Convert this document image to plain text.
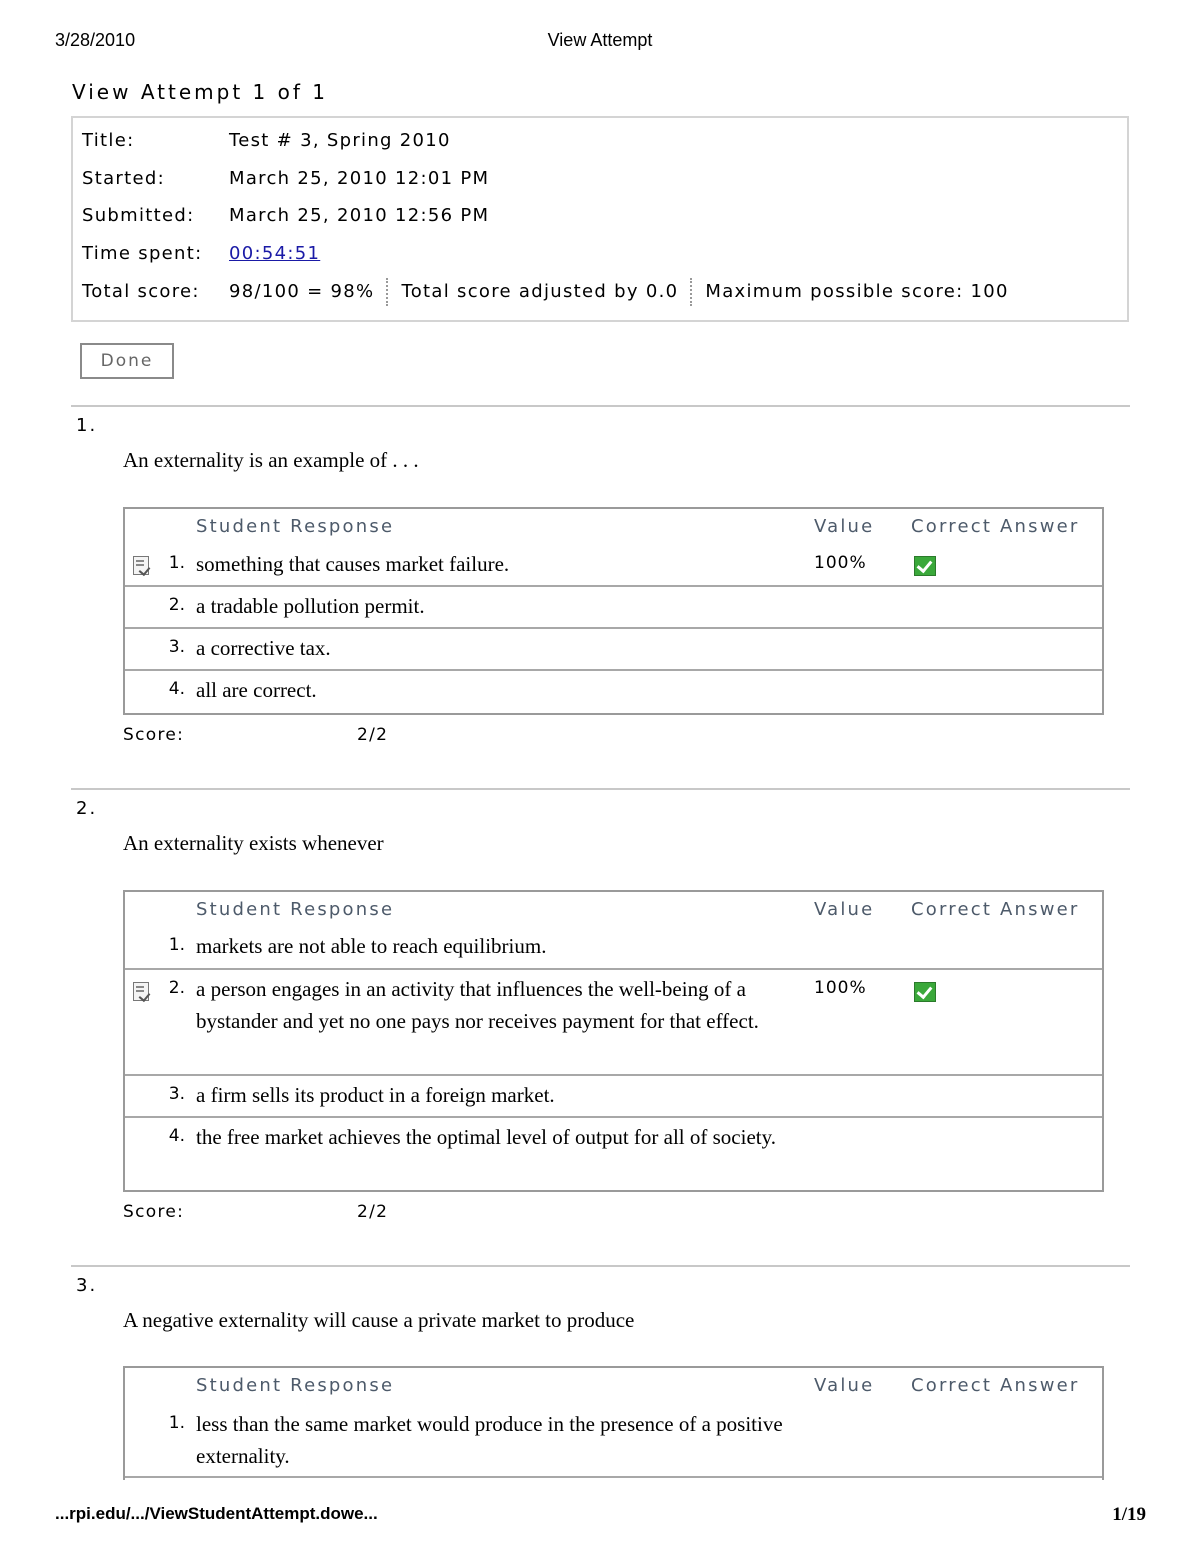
3/28/2010	View Attempt
View Attempt 1 of 1
Title:	Test # 3, Spring 2010
Started:	March 25, 2010 12:01 PM
Submitted: March 25, 2010 12:56 PM
Time spent: 00:54:51
Total score: 98/100 = 98% Total score adjusted by 0.0 Maximum possible score: 100
Done
1.
An externality is an example of . . .
Student Response	Value Correct Answer
1. something that causes market failure.	100%
2. a tradable pollution permit.
3. a corrective tax.
4. all are correct.
Score:	2/2
2.
An externality exists whenever
Student Response	Value Correct Answer
1. markets are not able to reach equilibrium.
2. a person engages in an activity that influences the well-being of a bystander and yet no one pays nor receives payment for that effect.
100%
3. a firm sells its product in a foreign market.
4. the free market achieves the optimal level of output for all of society.
Score:	2/2
3.
A negative externality will cause a private market to produce
Student Response	Value Correct Answer
1. less than the same market would produce in the presence of a positive externality.
...rpi.edu/.../ViewStudentAttempt.dowe...	1/19
